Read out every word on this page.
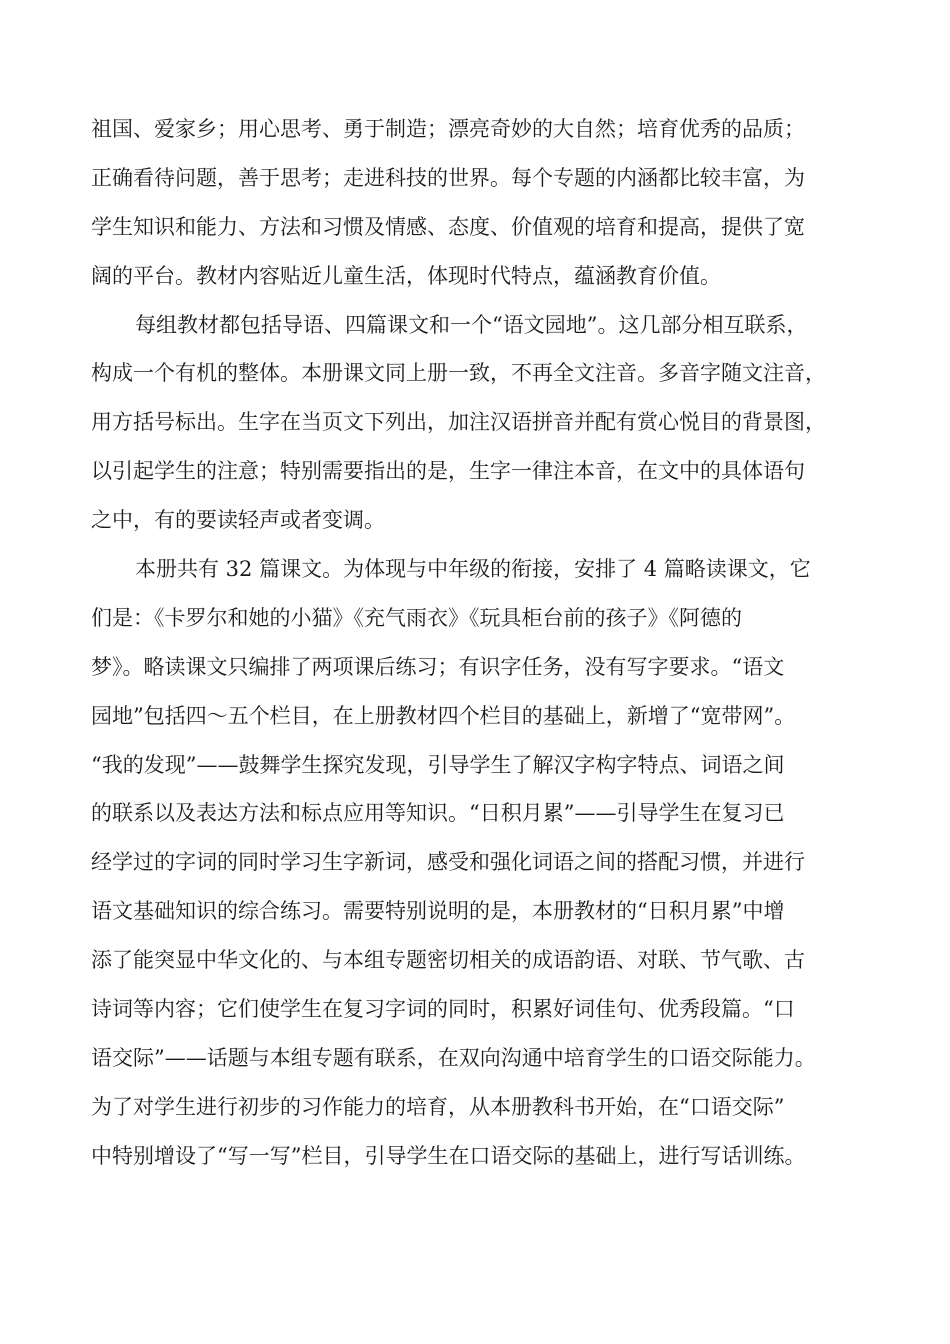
祖国、爱家乡；用心思考、勇于制造；漂亮奇妙的大自然；培育优秀的品质；
正确看待问题，善于思考；走进科技的世界。每个专题的内涵都比较丰富，为
学生知识和能力、方法和习惯及情感、态度、价值观的培育和提高，提供了宽
阔的平台。教材内容贴近儿童生活，体现时代特点，蕴涵教育价值。
每组教材都包括导语、四篇课文和一个“语文园地”。这几部分相互联系，
构成一个有机的整体。本册课文同上册一致，不再全文注音。多音字随文注音，
用方括号标出。生字在当页文下列出，加注汉语拼音并配有赏心悦目的背景图，
以引起学生的注意；特别需要指出的是，生字一律注本音，在文中的具体语句
之中，有的要读轻声或者变调。
本册共有 32 篇课文。为体现与中年级的衔接，安排了 4 篇略读课文，它
们是：《卡罗尔和她的小猫》《充气雨衣》《玩具柜台前的孩子》《阿德的
梦》。略读课文只编排了两项课后练习；有识字任务，没有写字要求。“语文
园地”包括四～五个栏目，在上册教材四个栏目的基础上，新增了“宽带网”。
“我的发现”——鼓舞学生探究发现，引导学生了解汉字构字特点、词语之间
的联系以及表达方法和标点应用等知识。“日积月累”——引导学生在复习已
经学过的字词的同时学习生字新词，感受和强化词语之间的搭配习惯，并进行
语文基础知识的综合练习。需要特别说明的是，本册教材的“日积月累”中增
添了能突显中华文化的、与本组专题密切相关的成语韵语、对联、节气歌、古
诗词等内容；它们使学生在复习字词的同时，积累好词佳句、优秀段篇。“口
语交际”——话题与本组专题有联系，在双向沟通中培育学生的口语交际能力。
为了对学生进行初步的习作能力的培育，从本册教科书开始，在“口语交际”
中特别增设了“写一写”栏目，引导学生在口语交际的基础上，进行写话训练。
